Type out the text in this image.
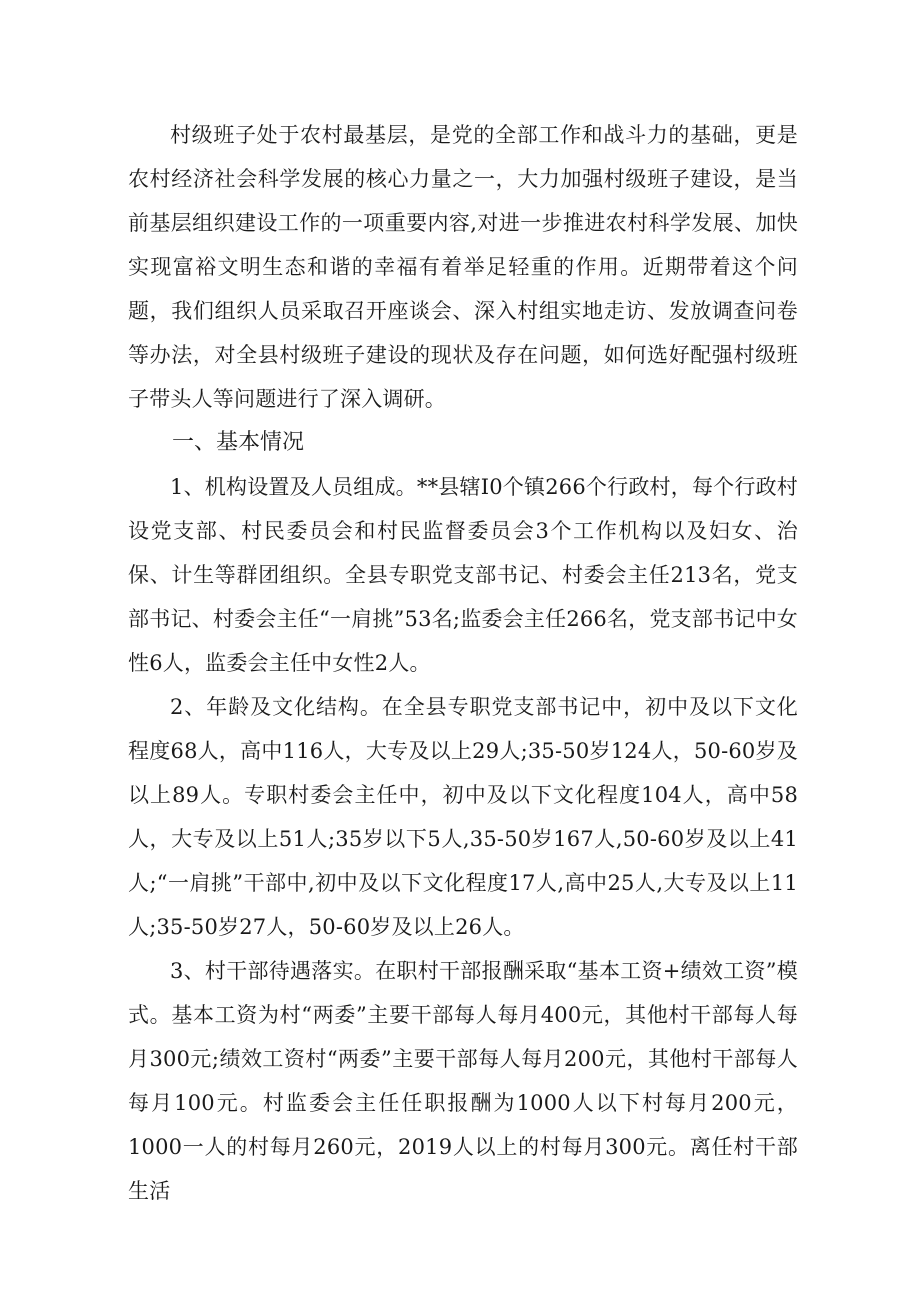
村级班子处于农村最基层，是党的全部工作和战斗力的基础，更是农村经济社会科学发展的核心力量之一，大力加强村级班子建设，是当前基层组织建设工作的一项重要内容,对进一步推进农村科学发展、加快实现富裕文明生态和谐的幸福有着举足轻重的作用。近期带着这个问题，我们组织人员采取召开座谈会、深入村组实地走访、发放调查问卷等办法，对全县村级班子建设的现状及存在问题，如何选好配强村级班子带头人等问题进行了深入调研。

一、基本情况

1、机构设置及人员组成。**县辖I0个镇266个行政村，每个行政村设党支部、村民委员会和村民监督委员会3个工作机构以及妇女、治保、计生等群团组织。全县专职党支部书记、村委会主任213名，党支部书记、村委会主任“一肩挑”53名;监委会主任266名，党支部书记中女性6人，监委会主任中女性2人。

2、年龄及文化结构。在全县专职党支部书记中，初中及以下文化程度68人，高中116人，大专及以上29人;35-50岁124人，50-60岁及以上89人。专职村委会主任中，初中及以下文化程度104人，高中58人，大专及以上51人;35岁以下5人,35-50岁167人,50-60岁及以上41人;“一肩挑”干部中,初中及以下文化程度17人,高中25人,大专及以上11人;35-50岁27人，50-60岁及以上26人。

3、村干部待遇落实。在职村干部报酬采取“基本工资+绩效工资”模式。基本工资为村“两委”主要干部每人每月400元，其他村干部每人每月300元;绩效工资村“两委”主要干部每人每月200元，其他村干部每人每月100元。村监委会主任任职报酬为1000人以下村每月200元，1000一人的村每月260元，2019人以上的村每月300元。离任村干部生活
